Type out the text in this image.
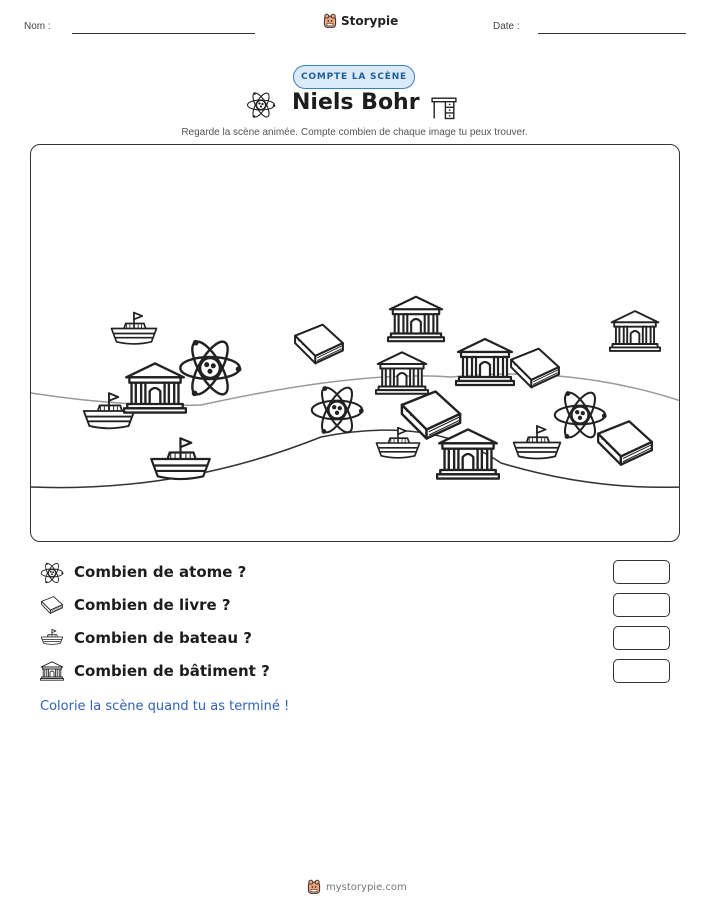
Nom :	Storypie	Date :
COMPTE LA SCÈNE
Niels Bohr
Regarde la scène animée. Compte combien de chaque image tu peux trouver.
Combien de atome ?
Combien de livre ?
Combien de bateau ?
Combien de bâtiment ?
Colorie la scène quand tu as terminé !
mystorypie.com
